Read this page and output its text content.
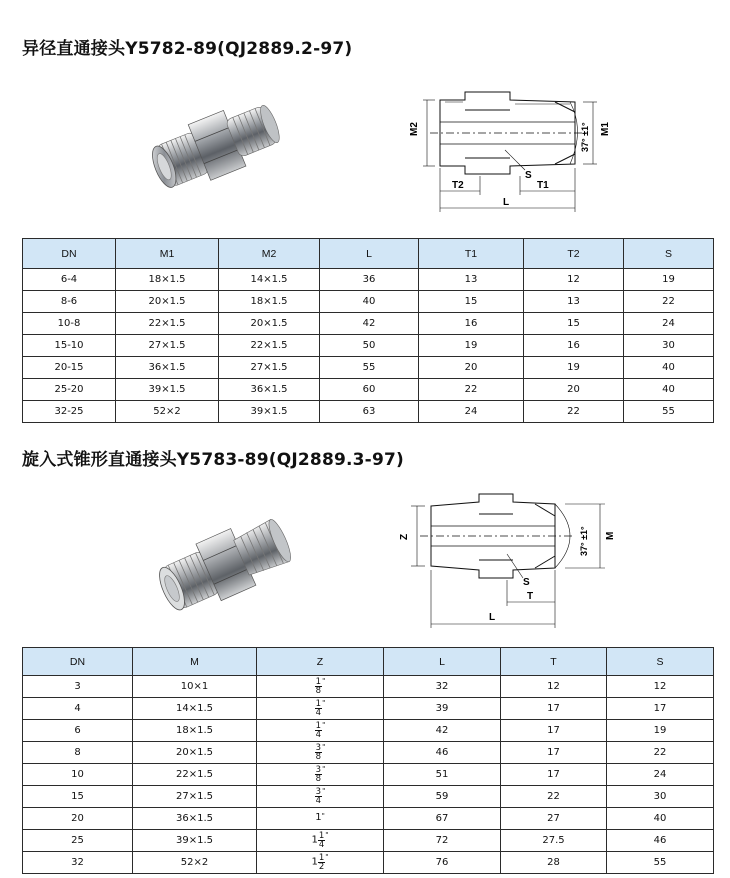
异径直通接头Y5782-89(QJ2889.2-97)
M2	M1
37° ±1°
S
T2	T1
L
DN	M1	M2	L	T1	T2	S
6-4	18×1.5	14×1.5	36	13	12	19
8-6	20×1.5	18×1.5	40	15	13	22
10-8	22×1.5	20×1.5	42	16	15	24
15-10	27×1.5	22×1.5	50	19	16	30
20-15	36×1.5	27×1.5	55	20	19	40
25-20	39×1.5	36×1.5	60	22	20	40
32-25	52×2	39×1.5	63	24	22	55
旋入式锥形直通接头Y5783-89(QJ2889.3-97)
Z	M
37° ±1°
S
T
L
DN	M	Z	L	T	S
3	10×1	$\frac{1}{8} ^"$	32	12	12
4	14×1.5	$\frac{1}{4} ^"$	39	17	17
6	18×1.5	$\frac{1}{4} ^"$	42	17	19
8	20×1.5	$\frac{3}{8} ^"$	46	17	22
10	22×1.5	$\frac{3}{8} ^"$	51	17	24
15	27×1.5	$\frac{3}{4} ^"$	59	22	30
20	36×1.5	1"	67	27	40
25	39×1.5	$1 \frac{1}{4} ^"$	72	27.5	46
32	52×2	$1 \frac{1}{2} ^"$	76	28	55
